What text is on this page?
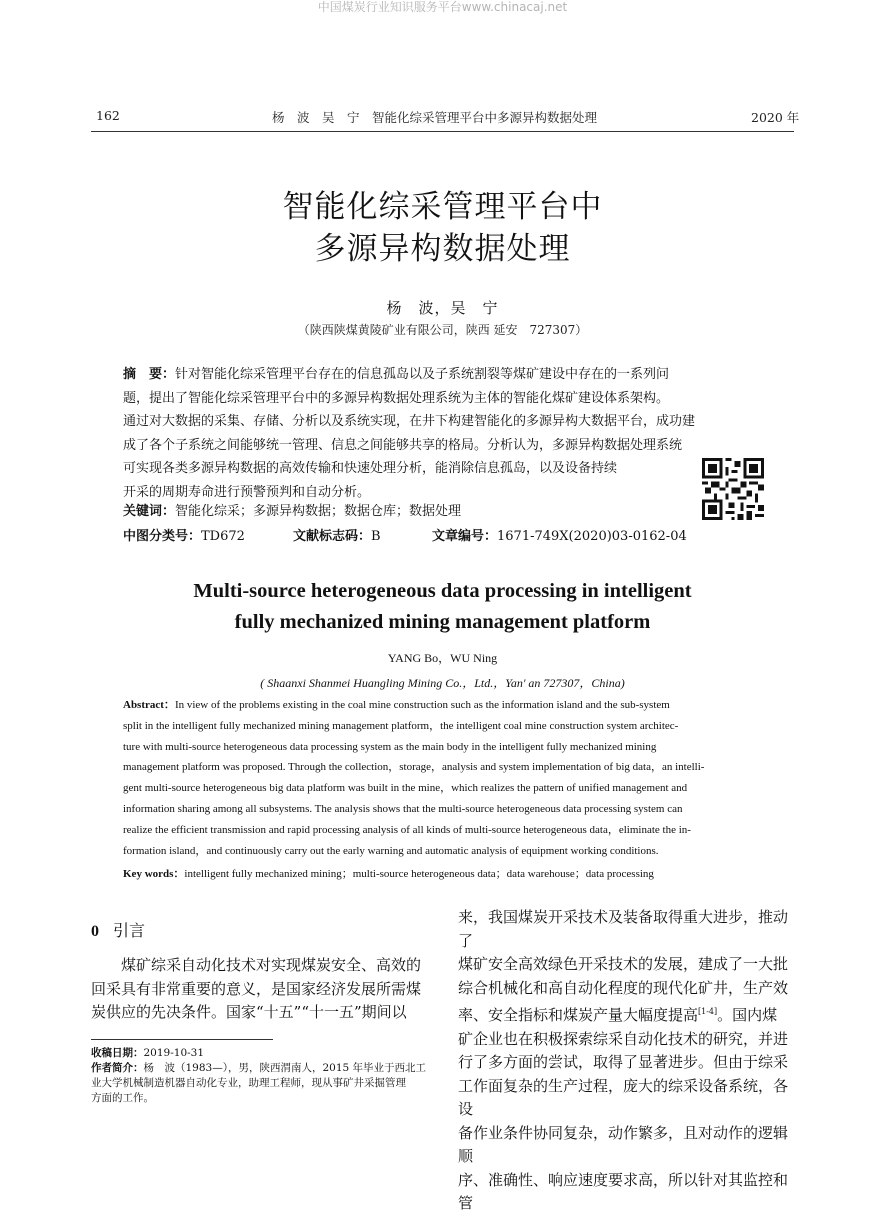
中国煤炭行业知识服务平台www.chinacaj.net
162	杨　波　吴　宁　智能化综采管理平台中多源异构数据处理	2020 年
智能化综采管理平台中
多源异构数据处理
杨　波，吴　宁
（陕西陕煤黄陵矿业有限公司，陕西 延安　727307）
摘　要：针对智能化综采管理平台存在的信息孤岛以及子系统割裂等煤矿建设中存在的一系列问
题，提出了智能化综采管理平台中的多源异构数据处理系统为主体的智能化煤矿建设体系架构。
通过对大数据的采集、存储、分析以及系统实现，在井下构建智能化的多源异构大数据平台，成功建
成了各个子系统之间能够统一管理、信息之间能够共享的格局。分析认为，多源异构数据处理系统
可实现各类多源异构数据的高效传输和快速处理分析，能消除信息孤岛，以及设备持续
开采的周期寿命进行预警预判和自动分析。
关键词：智能化综采；多源异构数据；数据仓库；数据处理
中图分类号：TD672	文献标志码：B	文章编号：1671-749X(2020)03-0162-04
Multi-source heterogeneous data processing in intelligent
fully mechanized mining management platform
YANG Bo，WU Ning
( Shaanxi Shanmei Huangling Mining Co.，Ltd.，Yan' an 727307，China)
Abstract：In view of the problems existing in the coal mine construction such as the information island and the sub-system
split in the intelligent fully mechanized mining management platform，the intelligent coal mine construction system architec-
ture with multi-source heterogeneous data processing system as the main body in the intelligent fully mechanized mining
management platform was proposed. Through the collection，storage，analysis and system implementation of big data，an intelli-
gent multi-source heterogeneous big data platform was built in the mine，which realizes the pattern of unified management and
information sharing among all subsystems. The analysis shows that the multi-source heterogeneous data processing system can
realize the efficient transmission and rapid processing analysis of all kinds of multi-source heterogeneous data，eliminate the in-
formation island，and continuously carry out the early warning and automatic analysis of equipment working conditions.
Key words：intelligent fully mechanized mining；multi-source heterogeneous data；data warehouse；data processing
0 引言
　　煤矿综采自动化技术对实现煤炭安全、高效的
回采具有非常重要的意义，是国家经济发展所需煤
炭供应的先决条件。国家“十五”“十一五”期间以
来，我国煤炭开采技术及装备取得重大进步，推动了
煤矿安全高效绿色开采技术的发展，建成了一大批
综合机械化和高自动化程度的现代化矿井，生产效
率、安全指标和煤炭产量大幅度提高[1-4]。国内煤
矿企业也在积极探索综采自动化技术的研究，并进
行了多方面的尝试，取得了显著进步。但由于综采
工作面复杂的生产过程，庞大的综采设备系统，各设
备作业条件协同复杂，动作繁多，且对动作的逻辑顺
序、准确性、响应速度要求高，所以针对其监控和管
收稿日期：2019-10-31
作者简介：杨　波（1983—），男，陕西渭南人，2015 年毕业于西北工
业大学机械制造机器自动化专业，助理工程师，现从事矿井采掘管理
方面的工作。
